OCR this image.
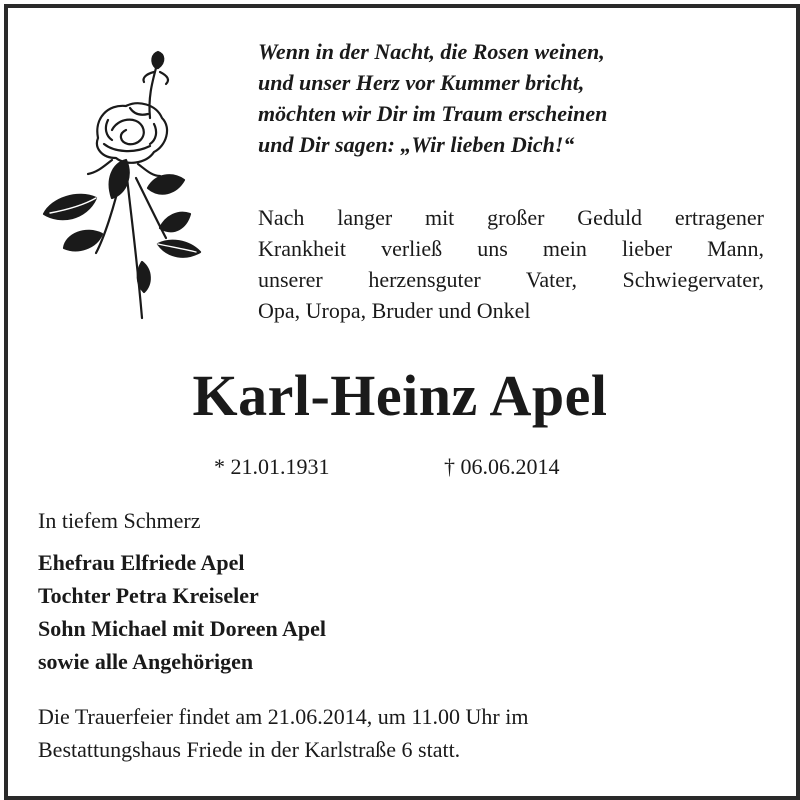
Wenn in der Nacht, die Rosen weinen,
und unser Herz vor Kummer bricht,
möchten wir Dir im Traum erscheinen
und Dir sagen: „Wir lieben Dich!“
Nach langer mit großer Geduld ertragener
Krankheit verließ uns mein lieber Mann,
unserer herzensguter Vater, Schwiegervater,
Opa, Uropa, Bruder und Onkel
Karl-Heinz Apel
* 21.01.1931	† 06.06.2014
In tiefem Schmerz
Ehefrau Elfriede Apel
Tochter Petra Kreiseler
Sohn Michael mit Doreen Apel
sowie alle Angehörigen
Die Trauerfeier findet am 21.06.2014, um 11.00 Uhr im
Bestattungshaus Friede in der Karlstraße 6 statt.
